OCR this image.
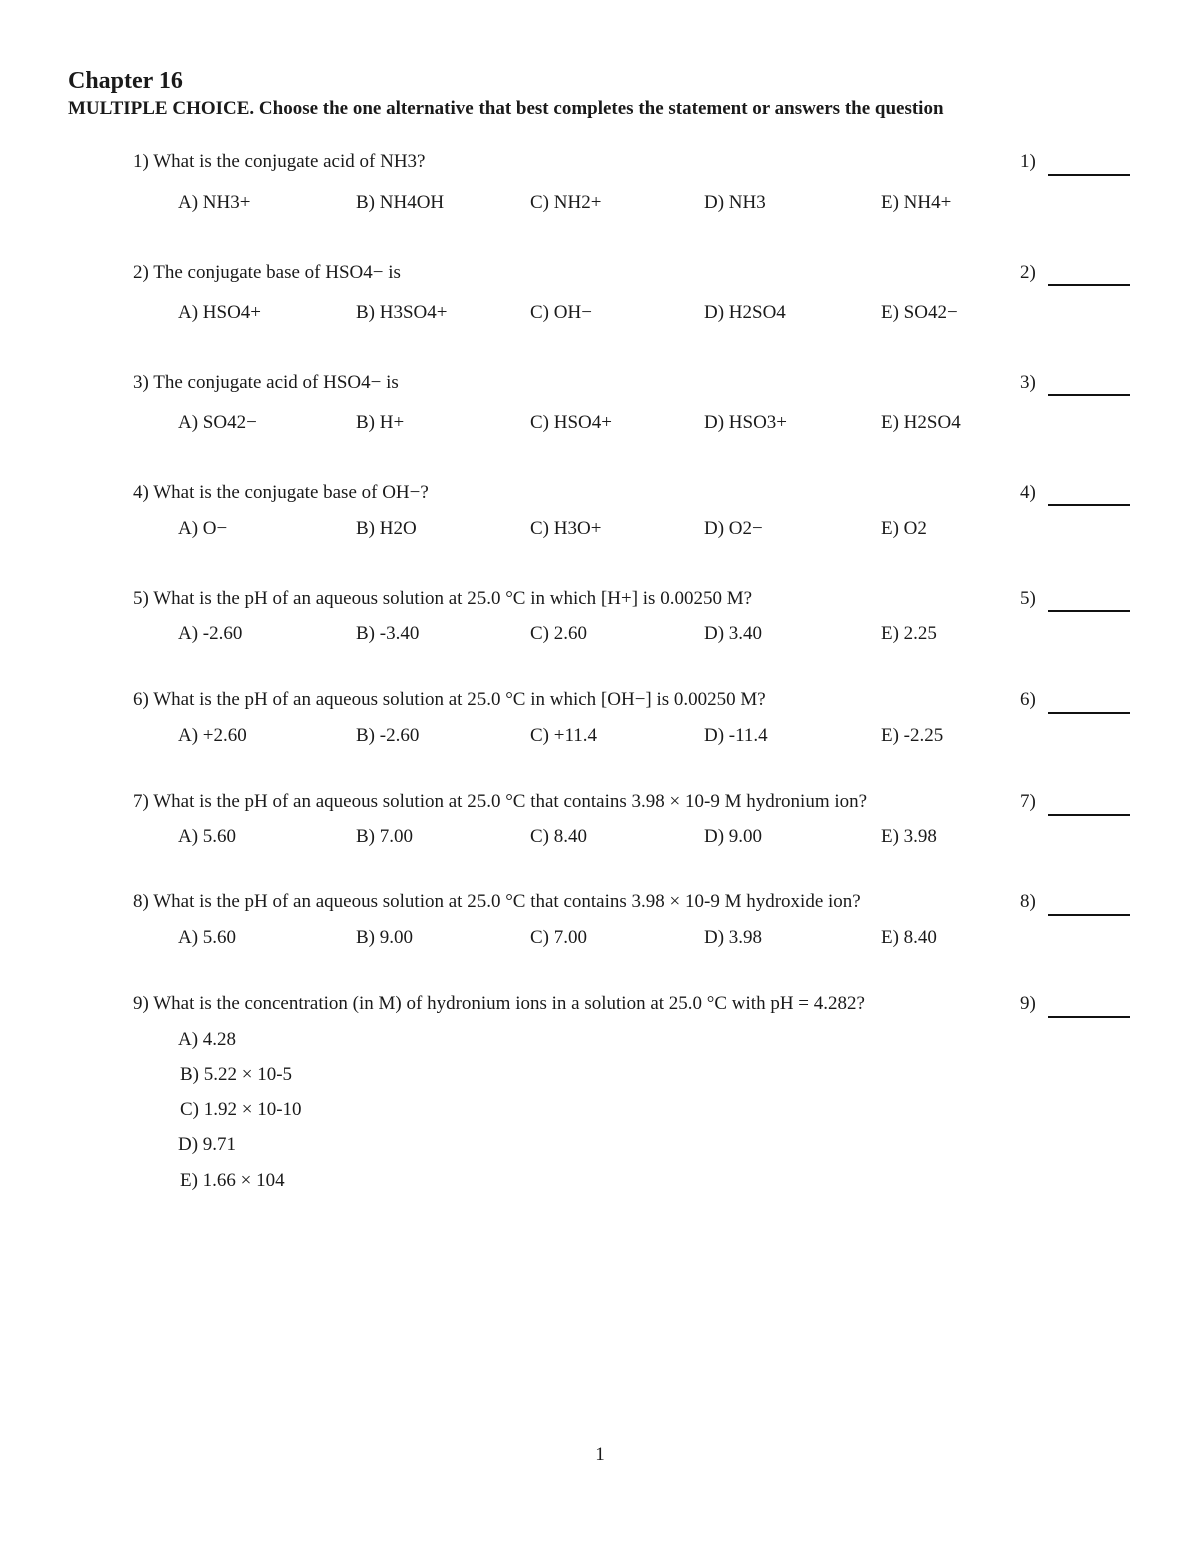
Chapter 16
MULTIPLE CHOICE. Choose the one alternative that best completes the statement or answers the question
1) What is the conjugate acid of NH3?	1)
A) NH3+	B) NH4OH	C) NH2+	D) NH3	E) NH4+
2) The conjugate base of HSO4− is	2)
A) HSO4+	B) H3SO4+	C) OH−	D) H2SO4	E) SO42−
3) The conjugate acid of HSO4− is	3)
A) SO42−	B) H+	C) HSO4+	D) HSO3+	E) H2SO4
4) What is the conjugate base of OH−?	4)
A) O−	B) H2O	C) H3O+	D) O2−	E) O2
5) What is the pH of an aqueous solution at 25.0 °C in which [H+] is 0.00250 M?	5)
A) -2.60	B) -3.40	C) 2.60	D) 3.40	E) 2.25
6) What is the pH of an aqueous solution at 25.0 °C in which [OH−] is 0.00250 M?	6)
A) +2.60	B) -2.60	C) +11.4	D) -11.4	E) -2.25
7) What is the pH of an aqueous solution at 25.0 °C that contains 3.98 × 10-9 M hydronium ion?	7)
A) 5.60	B) 7.00	C) 8.40	D) 9.00	E) 3.98
8) What is the pH of an aqueous solution at 25.0 °C that contains 3.98 × 10-9 M hydroxide ion?	8)
A) 5.60	B) 9.00	C) 7.00	D) 3.98	E) 8.40
9) What is the concentration (in M) of hydronium ions in a solution at 25.0 °C with pH = 4.282?	9)
A) 4.28
B) 5.22 × 10-5
C) 1.92 × 10-10
D) 9.71
E) 1.66 × 104
1
